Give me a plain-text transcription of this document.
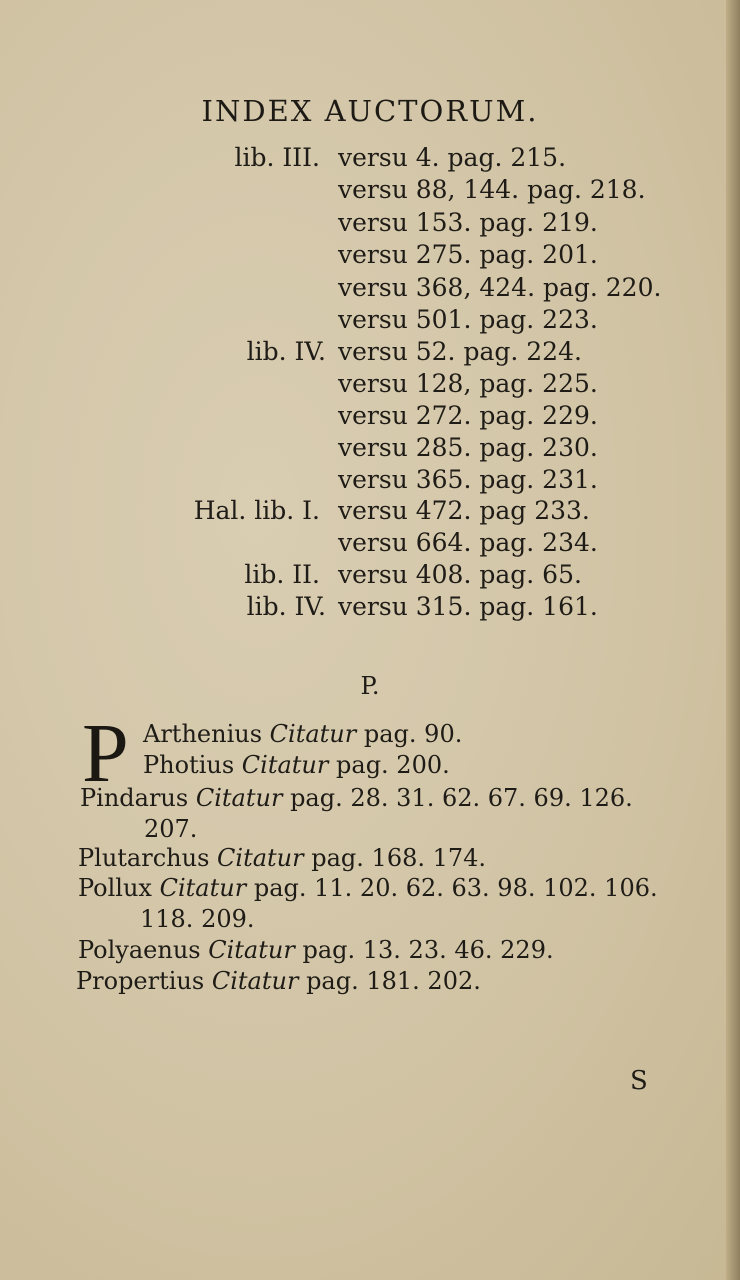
INDEX AUCTORUM.
lib. III. versu 4. pag. 215.
versu 88, 144. pag. 218.
versu 153. pag. 219.
versu 275. pag. 201.
versu 368, 424. pag. 220.
versu 501. pag. 223.
lib. IV. versu 52. pag. 224.
versu 128, pag. 225.
versu 272. pag. 229.
versu 285. pag. 230.
versu 365. pag. 231.
Hal. lib. I. versu 472. pag 233.
versu 664. pag. 234.
lib. II. versu 408. pag. 65.
lib. IV. versu 315. pag. 161.
P.
P Arthenius Citatur pag. 90.
Photius Citatur pag. 200.
Pindarus Citatur pag. 28. 31. 62. 67. 69. 126.
207.
Plutarchus Citatur pag. 168. 174.
Pollux Citatur pag. 11. 20. 62. 63. 98. 102. 106.
118. 209.
Polyaenus Citatur pag. 13. 23. 46. 229.
Propertius Citatur pag. 181. 202.
S
